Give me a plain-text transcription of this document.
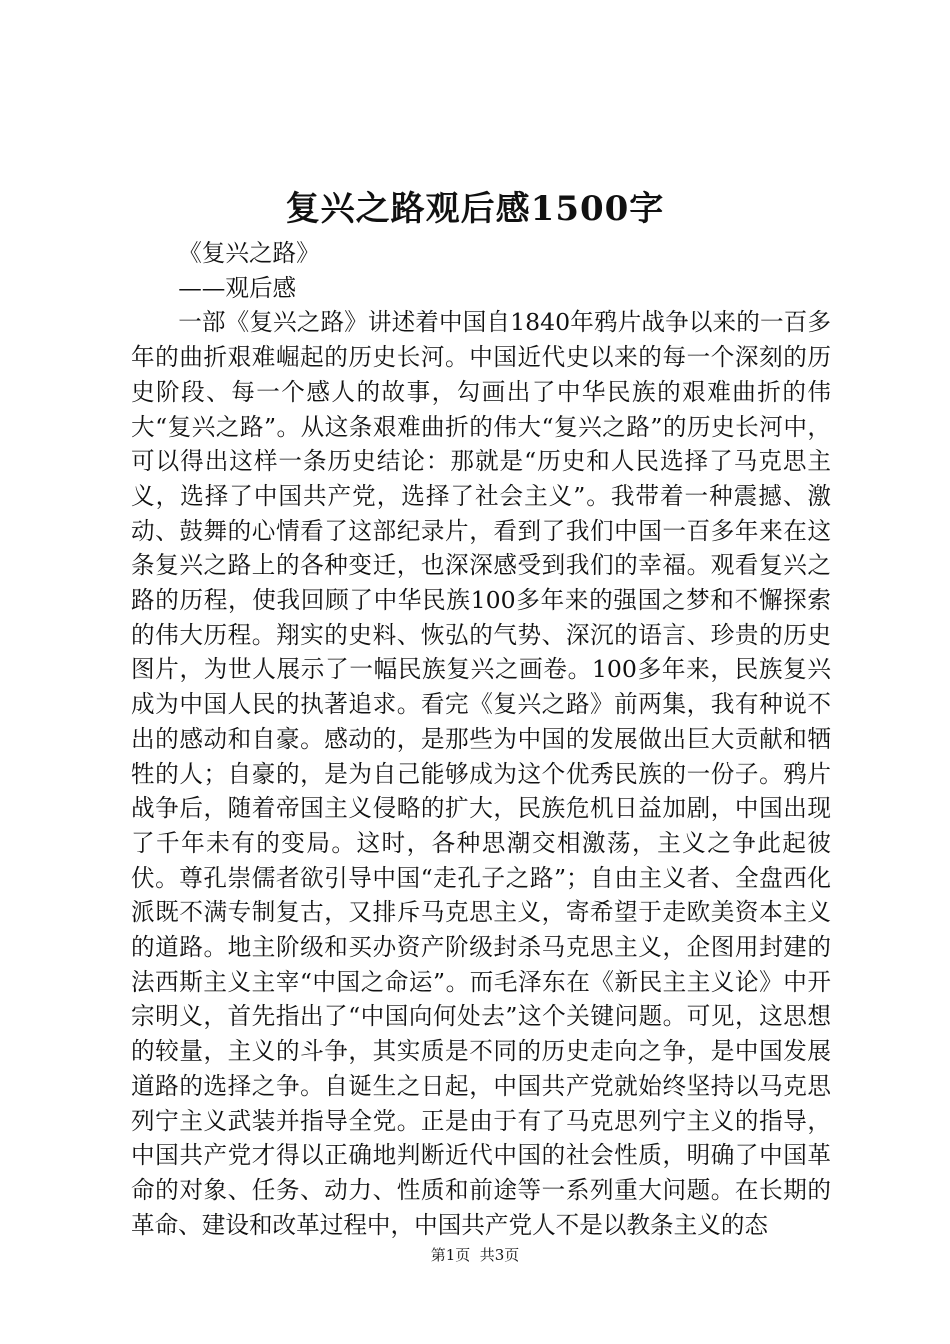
复兴之路观后感1500字

《复兴之路》

——观后感

一部《复兴之路》讲述着中国自1840年鸦片战争以来的一百多年的曲折艰难崛起的历史长河。中国近代史以来的每一个深刻的历史阶段、每一个感人的故事，勾画出了中华民族的艰难曲折的伟大“复兴之路”。从这条艰难曲折的伟大“复兴之路”的历史长河中，可以得出这样一条历史结论：那就是“历史和人民选择了马克思主义，选择了中国共产党，选择了社会主义”。我带着一种震撼、激动、鼓舞的心情看了这部纪录片，看到了我们中国一百多年来在这条复兴之路上的各种变迁，也深深感受到我们的幸福。观看复兴之路的历程，使我回顾了中华民族100多年来的强国之梦和不懈探索的伟大历程。翔实的史料、恢弘的气势、深沉的语言、珍贵的历史图片，为世人展示了一幅民族复兴之画卷。100多年来，民族复兴成为中国人民的执著追求。看完《复兴之路》前两集，我有种说不出的感动和自豪。感动的，是那些为中国的发展做出巨大贡献和牺牲的人；自豪的，是为自己能够成为这个优秀民族的一份子。鸦片战争后，随着帝国主义侵略的扩大，民族危机日益加剧，中国出现了千年未有的变局。这时，各种思潮交相激荡，主义之争此起彼伏。尊孔崇儒者欲引导中国“走孔子之路”；自由主义者、全盘西化派既不满专制复古，又排斥马克思主义，寄希望于走欧美资本主义的道路。地主阶级和买办资产阶级封杀马克思主义，企图用封建的法西斯主义主宰“中国之命运”。而毛泽东在《新民主主义论》中开宗明义，首先指出了“中国向何处去”这个关键问题。可见，这思想的较量，主义的斗争，其实质是不同的历史走向之争，是中国发展道路的选择之争。自诞生之日起，中国共产党就始终坚持以马克思列宁主义武装并指导全党。正是由于有了马克思列宁主义的指导，中国共产党才得以正确地判断近代中国的社会性质，明确了中国革命的对象、任务、动力、性质和前途等一系列重大问题。在长期的革命、建设和改革过程中，中国共产党人不是以教条主义的态

第1页  共3页
